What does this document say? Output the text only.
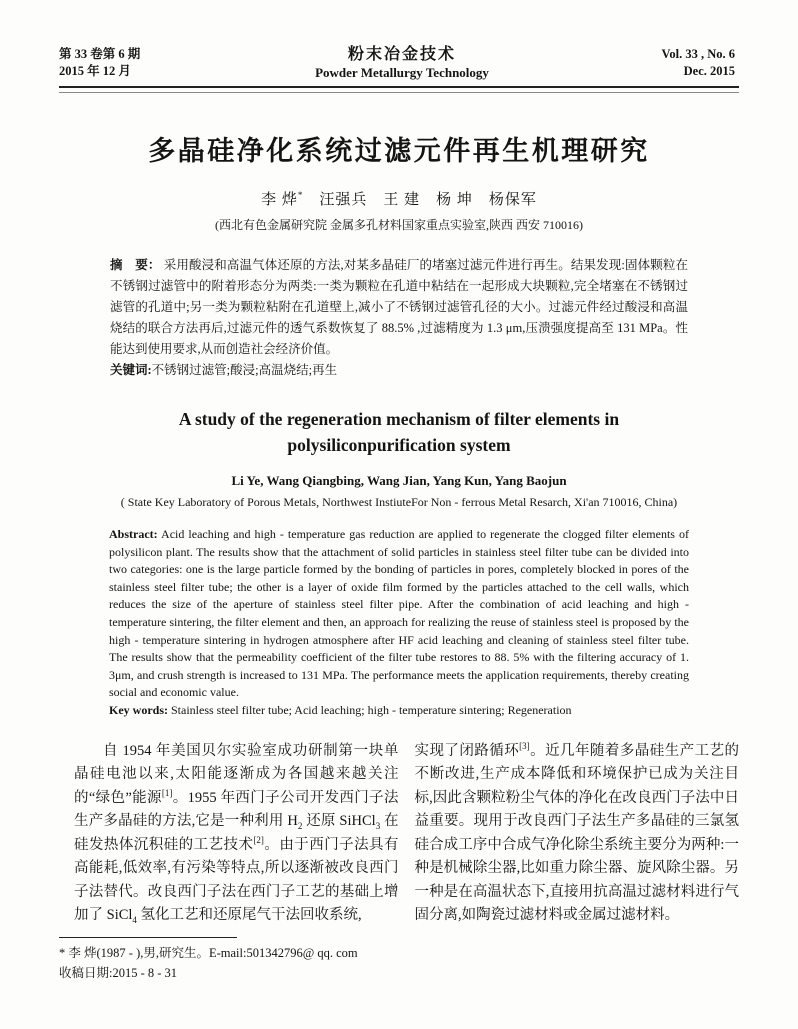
第 33 卷第 6 期
2015 年 12 月
粉末冶金技术
Powder Metallurgy Technology
Vol. 33 , No. 6
Dec. 2015
多晶硅净化系统过滤元件再生机理研究
李 烨*　汪强兵　王 建　杨 坤　杨保军
(西北有色金属研究院 金属多孔材料国家重点实验室,陕西 西安 710016)
摘　要： 采用酸浸和高温气体还原的方法,对某多晶硅厂的堵塞过滤元件进行再生。结果发现:固体颗粒在不锈钢过滤管中的附着形态分为两类:一类为颗粒在孔道中粘结在一起形成大块颗粒,完全堵塞在不锈钢过滤管的孔道中;另一类为颗粒粘附在孔道壁上,减小了不锈钢过滤管孔径的大小。过滤元件经过酸浸和高温烧结的联合方法再后,过滤元件的透气系数恢复了 88.5% ,过滤精度为 1.3 μm,压溃强度提高至 131 MPa。性能达到使用要求,从而创造社会经济价值。
关键词:不锈钢过滤管;酸浸;高温烧结;再生
A study of the regeneration mechanism of filter elements in
polysiliconpurification system
Li Ye, Wang Qiangbing, Wang Jian, Yang Kun, Yang Baojun
( State Key Laboratory of Porous Metals, Northwest InstiuteFor Non - ferrous Metal Resarch, Xi'an 710016, China)
Abstract: Acid leaching and high - temperature gas reduction are applied to regenerate the clogged filter elements of polysilicon plant. The results show that the attachment of solid particles in stainless steel filter tube can be divided into two categories: one is the large particle formed by the bonding of particles in pores, completely blocked in pores of the stainless steel filter tube; the other is a layer of oxide film formed by the particles attached to the cell walls, which reduces the size of the aperture of stainless steel filter pipe. After the combination of acid leaching and high - temperature sintering, the filter element and then, an approach for realizing the reuse of stainless steel is proposed by the high - temperature sintering in hydrogen atmosphere after HF acid leaching and cleaning of stainless steel filter tube. The results show that the permeability coefficient of the filter tube restores to 88. 5% with the filtering accuracy of 1. 3μm, and crush strength is increased to 131 MPa. The performance meets the application requirements, thereby creating social and economic value.
Key words: Stainless steel filter tube; Acid leaching; high - temperature sintering; Regeneration
自 1954 年美国贝尔实验室成功研制第一块单晶硅电池以来,太阳能逐渐成为各国越来越关注的“绿色”能源[1]。1955 年西门子公司开发西门子法生产多晶硅的方法,它是一种利用 $H_2$ 还原 SiHCl$_3$ 在硅发热体沉积硅的工艺技术[2]。由于西门子法具有高能耗,低效率,有污染等特点,所以逐渐被改良西门子法替代。改良西门子法在西门子工艺的基础上增加了 SiCl$_4$ 氢化工艺和还原尾气干法回收系统,
实现了闭路循环[3]。近几年随着多晶硅生产工艺的不断改进,生产成本降低和环境保护已成为关注目标,因此含颗粒粉尘气体的净化在改良西门子法中日益重要。现用于改良西门子法生产多晶硅的三氯氢硅合成工序中合成气净化除尘系统主要分为两种:一种是机械除尘器,比如重力除尘器、旋风除尘器。另一种是在高温状态下,直接用抗高温过滤材料进行气固分离,如陶瓷过滤材料或金属过滤材料。
* 李 烨(1987 - ),男,研究生。E-mail:501342796@ qq. com
收稿日期:2015 - 8 - 31
